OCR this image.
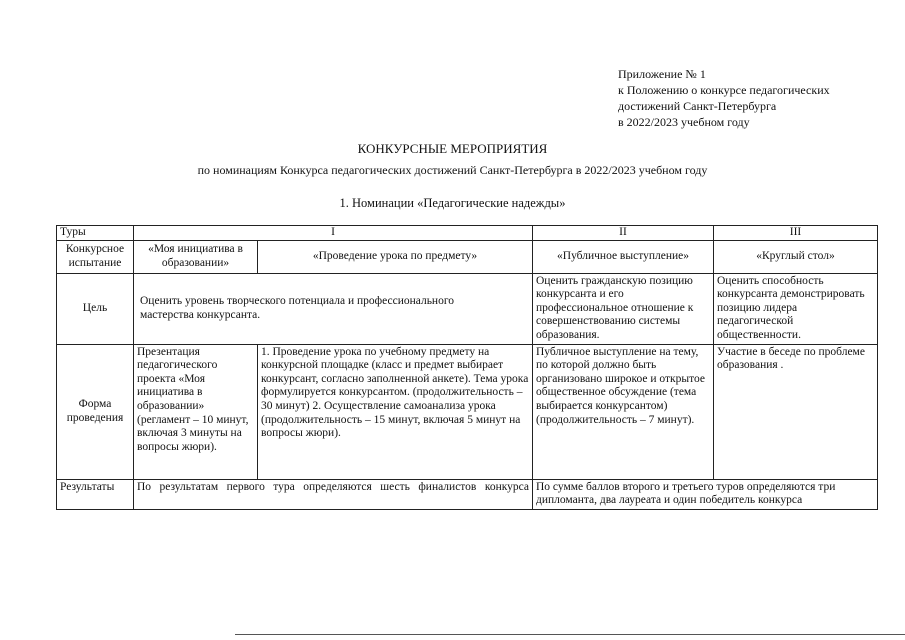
Приложение № 1
к Положению о конкурсе педагогических
достижений Санкт-Петербурга
в 2022/2023 учебном году
КОНКУРСНЫЕ МЕРОПРИЯТИЯ
по номинациям Конкурса педагогических достижений Санкт-Петербурга в 2022/2023 учебном году
1. Номинации «Педагогические надежды»
Туры	I		II	III
Конкурсное испытание	«Моя инициатива в образовании»	«Проведение урока по предмету»	«Публичное выступление»	«Круглый стол»
Цель	Оценить уровень творческого потенциала и профессионального мастерства конкурсанта.		Оценить гражданскую позицию конкурсанта и его профессиональное отношение к совершенствованию системы образования.	Оценить способность конкурсанта демонстрировать позицию лидера педагогической общественности.
Форма проведения	Презентация педагогического проекта «Моя инициатива в образовании» (регламент – 10 минут, включая 3 минуты на вопросы жюри).	1. Проведение урока по учебному предмету на конкурсной площадке (класс и предмет выбирает конкурсант, согласно заполненной анкете). Тема урока формулируется конкурсантом. (продолжительность – 30 минут) 2. Осуществление самоанализа урока (продолжительность – 15 минут, включая 5 минут на вопросы жюри).	Публичное выступление на тему, по которой должно быть организовано широкое и открытое общественное обсуждение (тема выбирается конкурсантом) (продолжительность – 7 минут).	Участие в беседе по проблеме образования .
Результаты	По результатам первого тура определяются шесть финалистов конкурса		По сумме баллов второго и третьего туров определяются три дипломанта, два лауреата и один победитель конкурса	
